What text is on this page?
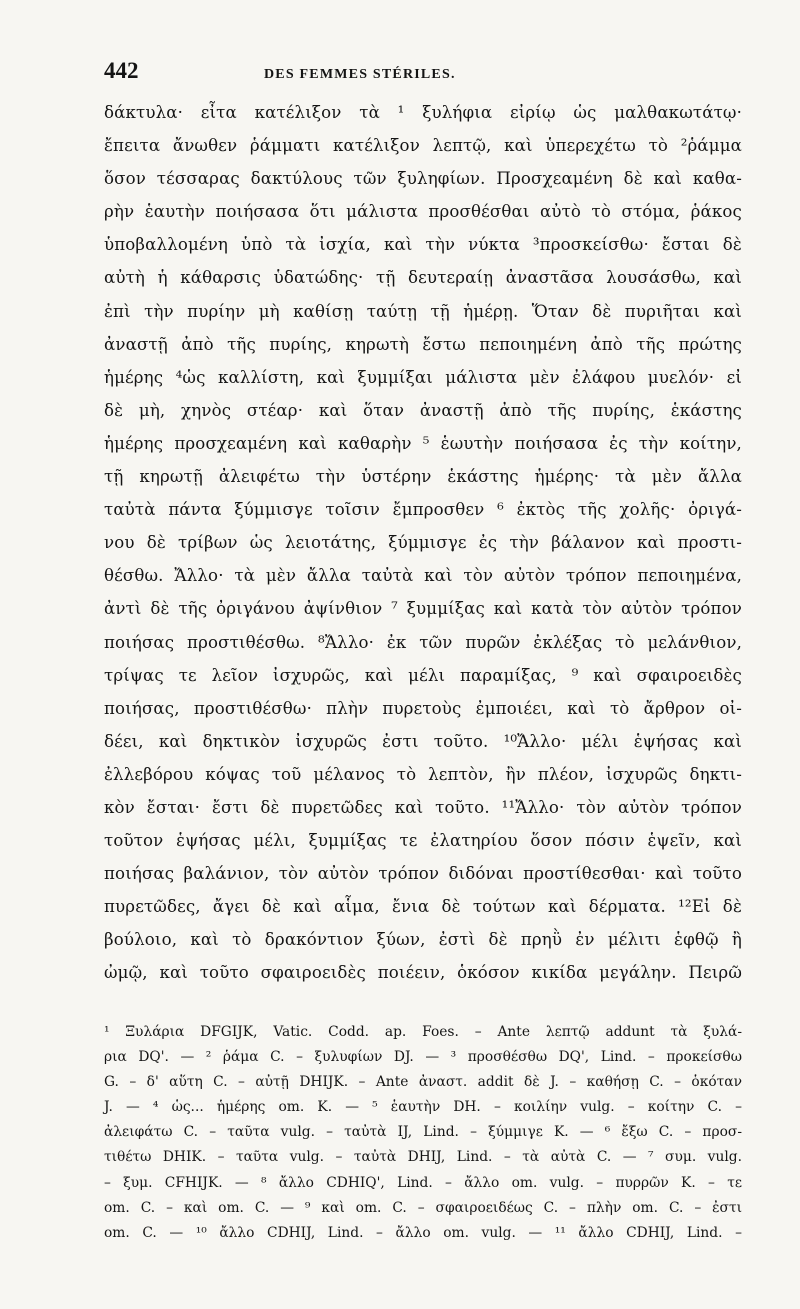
442	DES FEMMES STÉRILES.
δάκτυλα· εἶτα κατέλιξον τὰ ¹ ξυλήφια εἰρίῳ ὡς μαλθακωτάτῳ·
ἔπειτα ἄνωθεν ῥάμματι κατέλιξον λεπτῷ, καὶ ὑπερεχέτω τὸ ²ῥάμμα
ὅσον τέσσαρας δακτύλους τῶν ξυληφίων. Προσχεαμένη δὲ καὶ καθα-
ρὴν ἑαυτὴν ποιήσασα ὅτι μάλιστα προσθέσθαι αὐτὸ τὸ στόμα, ῥάκος
ὑποβαλλομένη ὑπὸ τὰ ἰσχία, καὶ τὴν νύκτα ³προσκείσθω· ἔσται δὲ
αὐτὴ ἡ κάθαρσις ὑδατώδης· τῇ δευτεραίῃ ἀναστᾶσα λουσάσθω, καὶ
ἐπὶ τὴν πυρίην μὴ καθίσῃ ταύτῃ τῇ ἡμέρῃ. Ὅταν δὲ πυριῆται καὶ
ἀναστῇ ἀπὸ τῆς πυρίης, κηρωτὴ ἔστω πεποιημένη ἀπὸ τῆς πρώτης
ἡμέρης ⁴ὡς καλλίστη, καὶ ξυμμίξαι μάλιστα μὲν ἐλάφου μυελόν· εἰ
δὲ μὴ, χηνὸς στέαρ· καὶ ὅταν ἀναστῇ ἀπὸ τῆς πυρίης, ἑκάστης
ἡμέρης προσχεαμένη καὶ καθαρὴν ⁵ ἑωυτὴν ποιήσασα ἐς τὴν κοίτην,
τῇ κηρωτῇ ἀλειφέτω τὴν ὑστέρην ἑκάστης ἡμέρης· τὰ μὲν ἄλλα
ταὐτὰ πάντα ξύμμισγε τοῖσιν ἔμπροσθεν ⁶ ἐκτὸς τῆς χολῆς· ὀριγά-
νου δὲ τρίβων ὡς λειοτάτης, ξύμμισγε ἐς τὴν βάλανον καὶ προστι-
θέσθω. Ἄλλο· τὰ μὲν ἄλλα ταὐτὰ καὶ τὸν αὐτὸν τρόπον πεποιημένα,
ἀντὶ δὲ τῆς ὀριγάνου ἀψίνθιον ⁷ ξυμμίξας καὶ κατὰ τὸν αὐτὸν τρόπον
ποιήσας προστιθέσθω. ⁸Ἄλλο· ἐκ τῶν πυρῶν ἐκλέξας τὸ μελάνθιον,
τρίψας τε λεῖον ἰσχυρῶς, καὶ μέλι παραμίξας, ⁹ καὶ σφαιροειδὲς
ποιήσας, προστιθέσθω· πλὴν πυρετοὺς ἐμποιέει, καὶ τὸ ἄρθρον οἰ-
δέει, καὶ δηκτικὸν ἰσχυρῶς ἐστι τοῦτο. ¹⁰Ἄλλο· μέλι ἑψήσας καὶ
ἐλλεβόρου κόψας τοῦ μέλανος τὸ λεπτὸν, ἢν πλέον, ἰσχυρῶς δηκτι-
κὸν ἔσται· ἔστι δὲ πυρετῶδες καὶ τοῦτο. ¹¹Ἄλλο· τὸν αὐτὸν τρόπον
τοῦτον ἑψήσας μέλι, ξυμμίξας τε ἐλατηρίου ὅσον πόσιν ἑψεῖν, καὶ
ποιήσας βαλάνιον, τὸν αὐτὸν τρόπον διδόναι προστίθεσθαι· καὶ τοῦτο
πυρετῶδες, ἄγει δὲ καὶ αἷμα, ἔνια δὲ τούτων καὶ δέρματα. ¹²Εἰ δὲ
βούλοιο, καὶ τὸ δρακόντιον ξύων, ἐστὶ δὲ πρηῢ ἐν μέλιτι ἑφθῷ ἢ
ὠμῷ, καὶ τοῦτο σφαιροειδὲς ποιέειν, ὁκόσον κικίδα μεγάλην. Πειρῶ
¹ Ξυλάρια DFGIJK, Vatic. Codd. ap. Foes. – Ante λεπτῷ addunt τὰ ξυλά-
ρια DQ'. — ² ῥάμα C. – ξυλυφίων DJ. — ³ προσθέσθω DQ', Lind. – προκείσθω
G. – δ' αὕτη C. – αὐτῇ DHIJK. – Ante ἀναστ. addit δὲ J. – καθήσῃ C. – ὁκόταν
J. — ⁴ ὡς... ἡμέρης om. K. — ⁵ ἑαυτὴν DH. – κοιλίην vulg. – κοίτην C. –
ἀλειφάτω C. – ταῦτα vulg. – ταὐτὰ IJ, Lind. – ξύμμιγε K. — ⁶ ἔξω C. – προσ-
τιθέτω DHIK. – ταῦτα vulg. – ταὐτὰ DHIJ, Lind. – τὰ αὐτὰ C. — ⁷ συμ. vulg.
– ξυμ. CFHIJK. — ⁸ ἄλλο CDHIQ', Lind. – ἄλλο om. vulg. – πυρρῶν K. – τε
om. C. – καὶ om. C. — ⁹ καὶ om. C. – σφαιροειδέως C. – πλὴν om. C. – ἐστι
om. C. — ¹⁰ ἄλλο CDHIJ, Lind. – ἄλλο om. vulg. — ¹¹ ἄλλο CDHIJ, Lind. –
